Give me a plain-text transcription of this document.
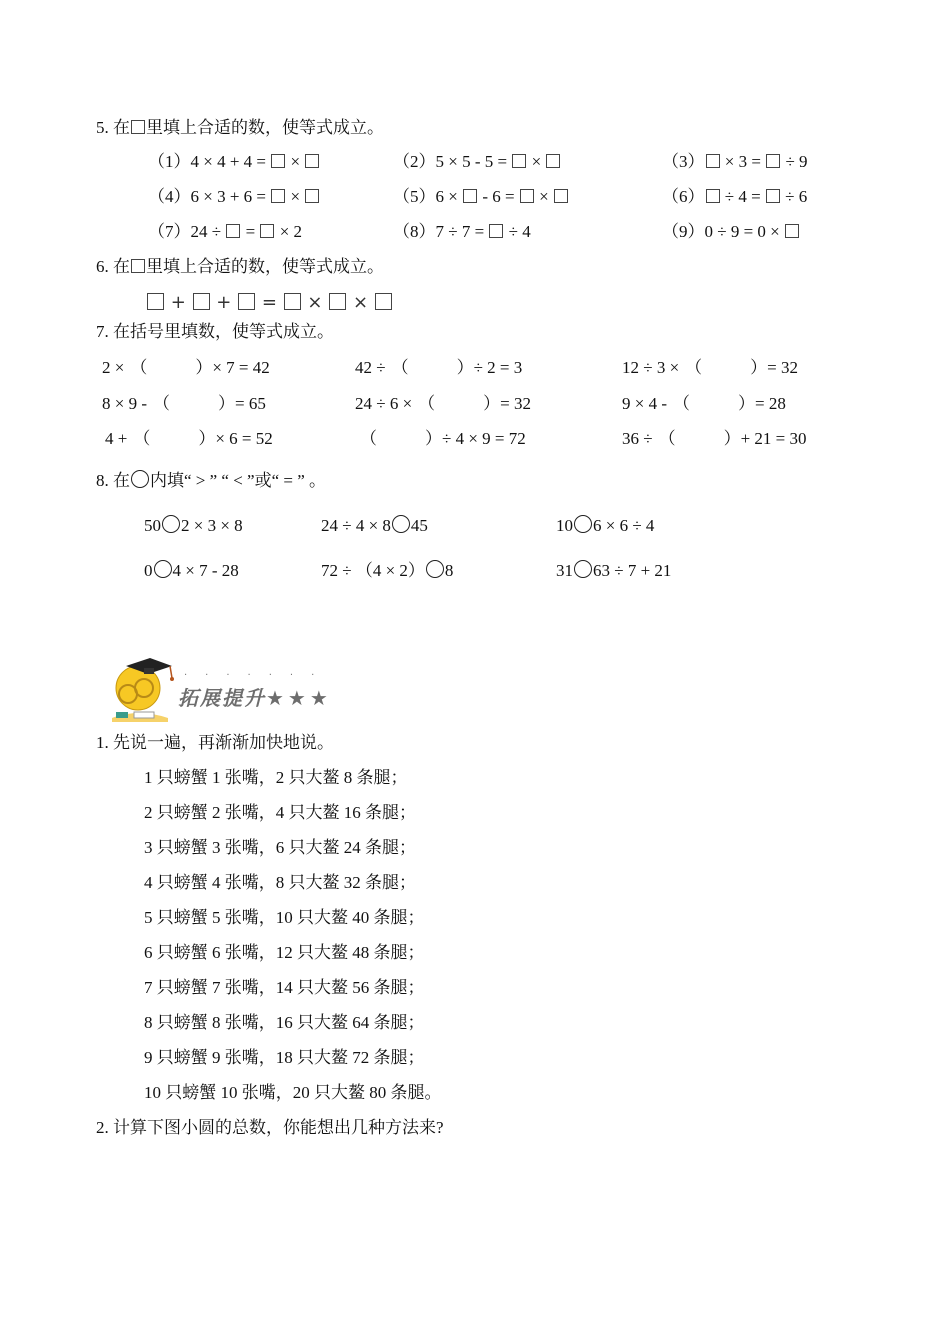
5. 在 里填上合适的数，使等式成立。
（1）4 × 4 + 4 = ×	（2）5 × 5 - 5 = ×	（3） × 3 = ÷ 9
（4）6 × 3 + 6 = ×	（5）6 × - 6 = ×	（6） ÷ 4 = ÷ 6
（7）24 ÷ = × 2	（8）7 ÷ 7 = ÷ 4	（9）0 ÷ 9 = 0 ×
6. 在 里填上合适的数，使等式成立。
+ + = × ×
7. 在括号里填数，使等式成立。
2 × （	）× 7 = 42	42 ÷ （	）÷ 2 = 3	12 ÷ 3 × （	）= 32
8 × 9 - （	）= 65	24 ÷ 6 × （	）= 32	9 × 4 - （	）= 28
4 + （	）× 6 = 52	（	）÷ 4 × 9 = 72	36 ÷ （	）+ 21 = 30
8. 在 内填“ > ” “ < ”或“ = ” 。
50 2 × 3 × 8	24 ÷ 4 × 8 45	10 6 × 6 ÷ 4
0 4 × 7 - 28	72 ÷ （4 × 2） 8	31 63 ÷ 7 + 21
·······
拓展提升★★★
1. 先说一遍，再渐渐加快地说。
1 只螃蟹 1 张嘴，2 只大鳌 8 条腿；
2 只螃蟹 2 张嘴，4 只大鳌 16 条腿；
3 只螃蟹 3 张嘴，6 只大鳌 24 条腿；
4 只螃蟹 4 张嘴，8 只大鳌 32 条腿；
5 只螃蟹 5 张嘴，10 只大鳌 40 条腿；
6 只螃蟹 6 张嘴，12 只大鳌 48 条腿；
7 只螃蟹 7 张嘴，14 只大鳌 56 条腿；
8 只螃蟹 8 张嘴，16 只大鳌 64 条腿；
9 只螃蟹 9 张嘴，18 只大鳌 72 条腿；
10 只螃蟹 10 张嘴，20 只大鳌 80 条腿。
2. 计算下图小圆的总数，你能想出几种方法来?
